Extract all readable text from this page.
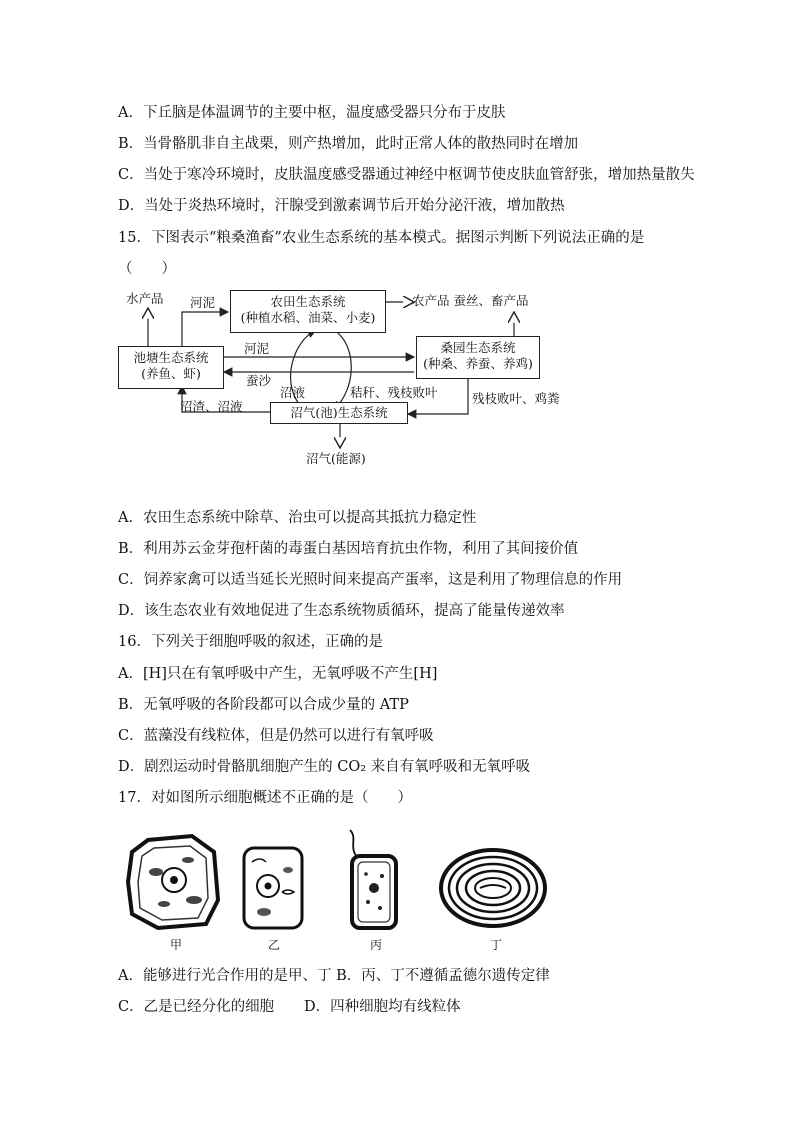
A．下丘脑是体温调节的主要中枢，温度感受器只分布于皮肤
B．当骨骼肌非自主战栗，则产热增加，此时正常人体的散热同时在增加
C．当处于寒冷环境时，皮肤温度感受器通过神经中枢调节使皮肤血管舒张，增加热量散失
D．当处于炎热环境时，汗腺受到激素调节后开始分泌汗液，增加散热
15．下图表示“粮桑渔畜”农业生态系统的基本模式。据图示判断下列说法正确的是
（　　）
农田生态系统
(种植水稻、油菜、小麦)
池塘生态系统
(养鱼、虾)
桑园生态系统
(种桑、养蚕、养鸡)
沼气(池)生态系统
水产品 河泥	农产品 蚕丝、畜产品
河泥
蚕沙
沼液	秸秆、残枝败叶
沼渣、沼液
残枝败叶、鸡粪
沼气(能源)
A．农田生态系统中除草、治虫可以提高其抵抗力稳定性
B．利用苏云金芽孢杆菌的毒蛋白基因培育抗虫作物，利用了其间接价值
C．饲养家禽可以适当延长光照时间来提高产蛋率，这是利用了物理信息的作用
D．该生态农业有效地促进了生态系统物质循环，提高了能量传递效率
16．下列关于细胞呼吸的叙述，正确的是
A．[H]只在有氧呼吸中产生，无氧呼吸不产生[H]
B．无氧呼吸的各阶段都可以合成少量的 ATP
C．蓝藻没有线粒体，但是仍然可以进行有氧呼吸
D．剧烈运动时骨骼肌细胞产生的 CO₂ 来自有氧呼吸和无氧呼吸
17．对如图所示细胞概述不正确的是（　　）
甲	乙	丙	丁
A．能够进行光合作用的是甲、丁 B．丙、丁不遵循孟德尔遗传定律
C．乙是已经分化的细胞 D．四种细胞均有线粒体
